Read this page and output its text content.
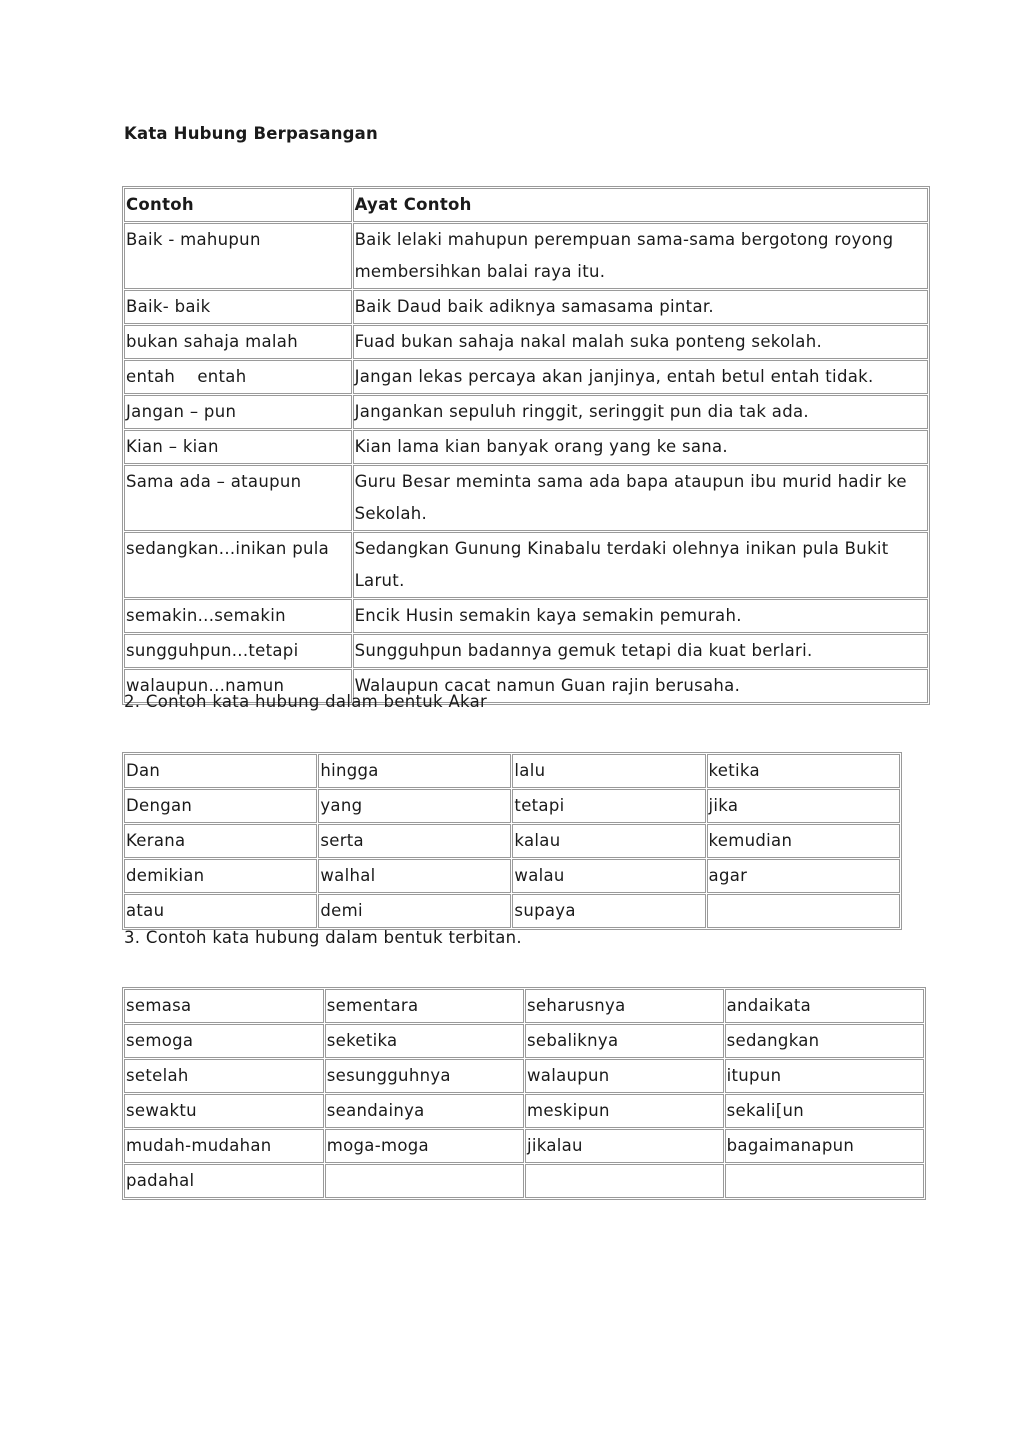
Kata Hubung Berpasangan
Contoh	Ayat Contoh
Baik - mahupun	Baik lelaki mahupun perempuan sama-sama bergotong royong membersihkan balai raya itu.
Baik- baik	Baik Daud baik adiknya samasama pintar.
bukan sahaja malah	Fuad bukan sahaja nakal malah suka ponteng sekolah.
entah    entah	Jangan lekas percaya akan janjinya, entah betul entah tidak.
Jangan – pun	Jangankan sepuluh ringgit, seringgit pun dia tak ada.
Kian – kian	Kian lama kian banyak orang yang ke sana.
Sama ada – ataupun	Guru Besar meminta sama ada bapa ataupun ibu murid hadir ke Sekolah.
sedangkan...inikan pula	Sedangkan Gunung Kinabalu terdaki olehnya inikan pula Bukit Larut.
semakin...semakin	Encik Husin semakin kaya semakin pemurah.
sungguhpun...tetapi	Sungguhpun badannya gemuk tetapi dia kuat berlari.
walaupun...namun	Walaupun cacat namun Guan rajin berusaha.
2. Contoh kata hubung dalam bentuk Akar
Dan	hingga	lalu	ketika
Dengan	yang	tetapi	jika
Kerana	serta	kalau	kemudian
demikian	walhal	walau	agar
atau	demi	supaya	
3. Contoh kata hubung dalam bentuk terbitan.
semasa	sementara	seharusnya	andaikata
semoga	seketika	sebaliknya	sedangkan
setelah	sesungguhnya	walaupun	itupun
sewaktu	seandainya	meskipun	sekali[un
mudah-mudahan	moga-moga	jikalau	bagaimanapun
padahal			
